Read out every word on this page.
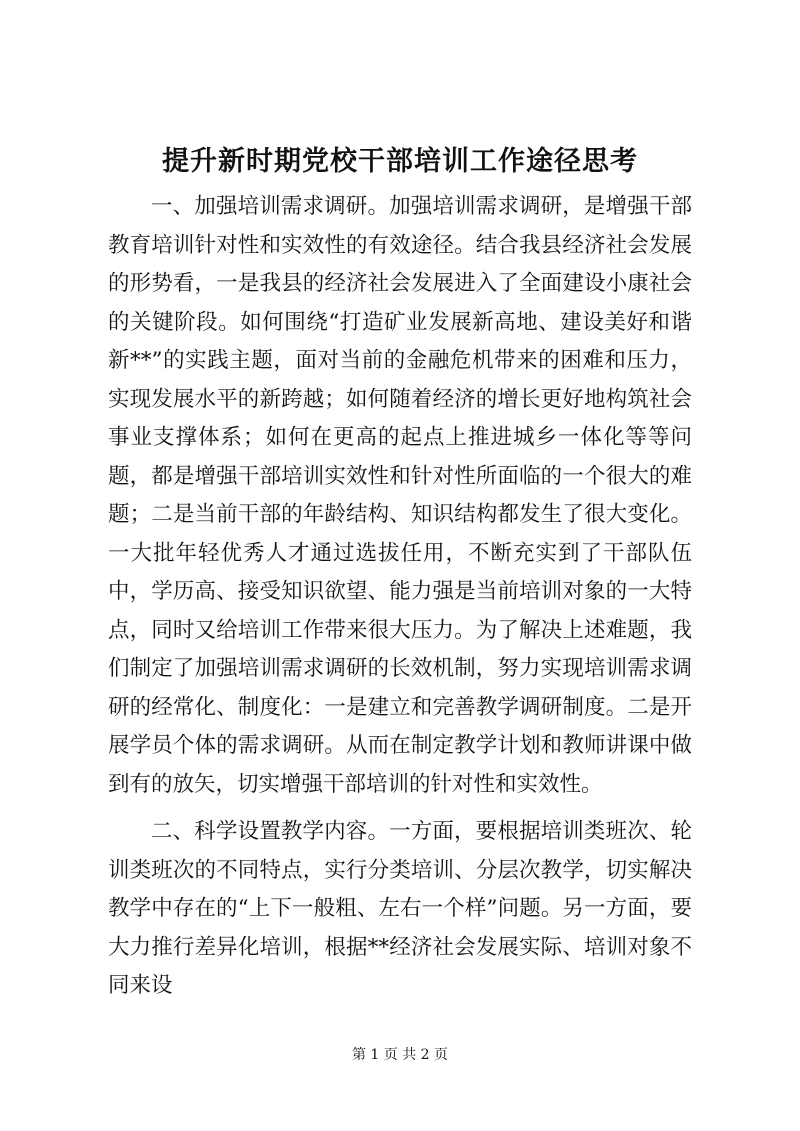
提升新时期党校干部培训工作途径思考

一、加强培训需求调研。加强培训需求调研，是增强干部教育培训针对性和实效性的有效途径。结合我县经济社会发展的形势看，一是我县的经济社会发展进入了全面建设小康社会的关键阶段。如何围绕“打造矿业发展新高地、建设美好和谐新**”的实践主题，面对当前的金融危机带来的困难和压力，实现发展水平的新跨越；如何随着经济的增长更好地构筑社会事业支撑体系；如何在更高的起点上推进城乡一体化等等问题，都是增强干部培训实效性和针对性所面临的一个很大的难题；二是当前干部的年龄结构、知识结构都发生了很大变化。一大批年轻优秀人才通过选拔任用，不断充实到了干部队伍中，学历高、接受知识欲望、能力强是当前培训对象的一大特点，同时又给培训工作带来很大压力。为了解决上述难题，我们制定了加强培训需求调研的长效机制，努力实现培训需求调研的经常化、制度化：一是建立和完善教学调研制度。二是开展学员个体的需求调研。从而在制定教学计划和教师讲课中做到有的放矢，切实增强干部培训的针对性和实效性。

二、科学设置教学内容。一方面，要根据培训类班次、轮训类班次的不同特点，实行分类培训、分层次教学，切实解决教学中存在的“上下一般粗、左右一个样”问题。另一方面，要大力推行差异化培训，根据**经济社会发展实际、培训对象不同来设

第 1 页 共 2 页
